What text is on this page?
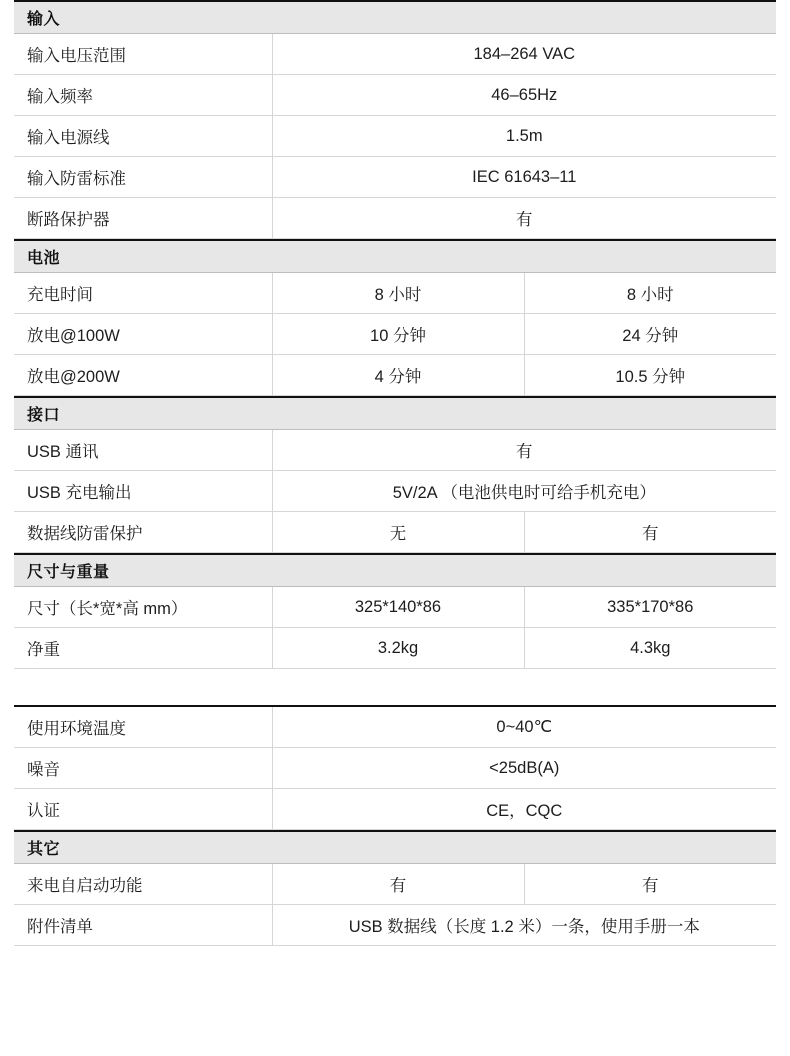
输入	
输入电压范围	184–264 VAC
输入频率	46–65Hz
输入电源线	1.5m
输入防雷标准	IEC 61643–11
断路保护器	有
电池		
充电时间	8 小时	8 小时
放电@100W	10 分钟	24 分钟
放电@200W	4 分钟	10.5 分钟
接口		
USB 通讯	有	
USB 充电输出	5V/2A （电池供电时可给手机充电）	
数据线防雷保护	无	有
尺寸与重量		
尺寸（长*宽*高 mm）	325*140*86	335*170*86
净重	3.2kg	4.3kg
使用环境温度	0~40℃
噪音	<25dB(A)
认证	CE，CQC
其它		
来电自启动功能	有	有
附件清单	USB 数据线（长度 1.2 米）一条，使用手册一本	
